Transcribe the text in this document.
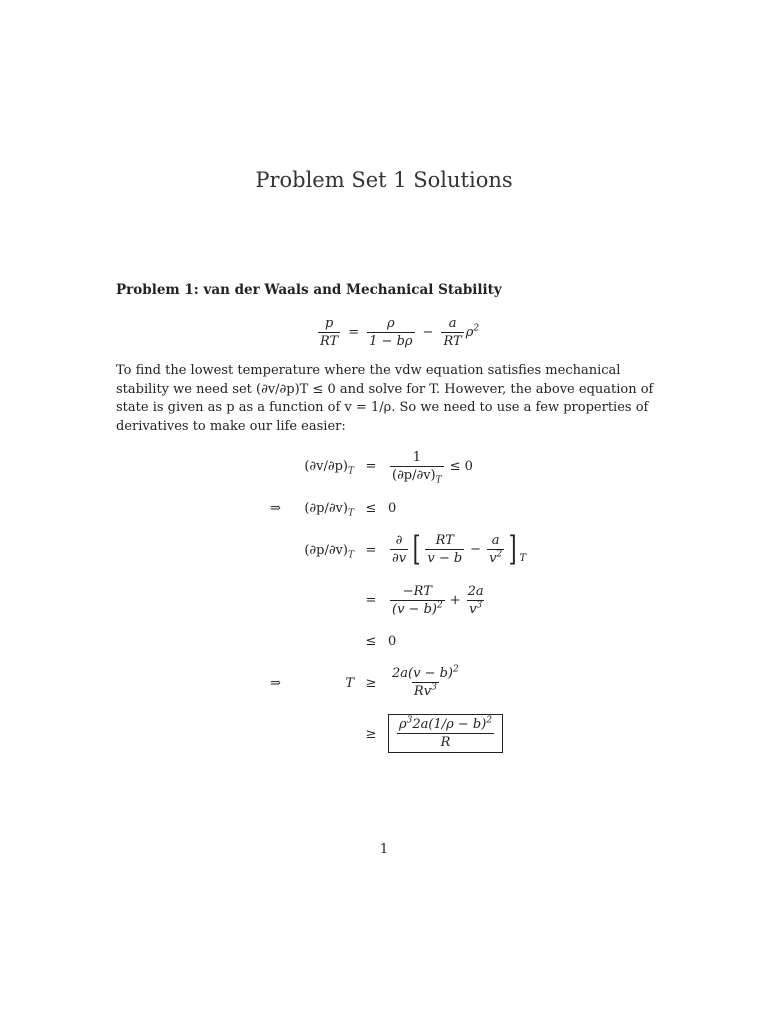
Problem Set 1 Solutions
Problem 1: van der Waals and Mechanical Stability
$\frac{p}{RT} = \frac{\rho}{1 - b\rho} - \frac{a}{RT} \rho^2$
To find the lowest temperature where the vdw equation satisfies mechanical stability we need set (∂v/∂p)T ≤ 0 and solve for T. However, the above equation of state is given as p as a function of v = 1/ρ. So we need to use a few properties of derivatives to make our life easier:
$(\partial v/\partial p)_T = \frac{1}{(\partial p/\partial v)_T} \le 0$
⇒ $(\partial p/\partial v)_T \le 0$
$(\partial p/\partial v)_T = \frac{\partial}{\partial v}$ [ $\frac{RT}{v - b} - \frac{a}{v^2}$ ] T
= $\frac{-RT}{(v - b)^2} + \frac{2a}{v^3}$
≤ 0
⇒	$T \ge \frac{2a(v - b)^2}{Rv^3}$
≥ $\frac{\rho^32a(1/\rho - b)^2}{R}$
1
